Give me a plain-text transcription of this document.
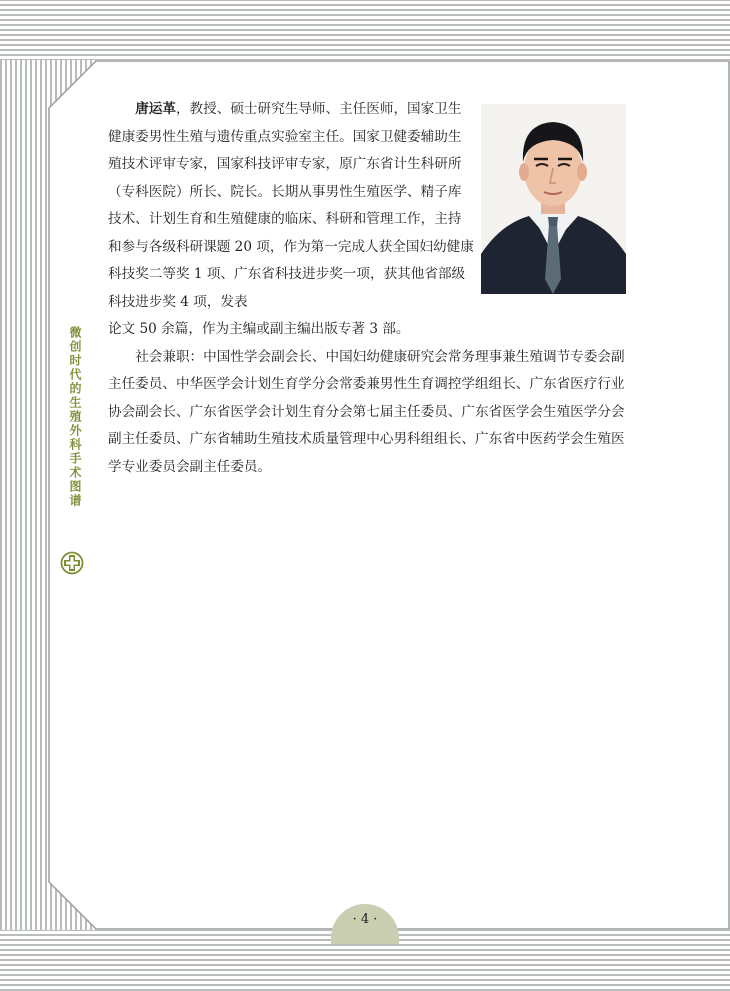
唐运革，教授、硕士研究生导师、主任医师，国家卫生健康委男性生殖与遗传重点实验室主任。国家卫健委辅助生殖技术评审专家，国家科技评审专家，原广东省计生科研所（专科医院）所长、院长。长期从事男性生殖医学、精子库技术、计划生育和生殖健康的临床、科研和管理工作，主持和参与各级科研课题 20 项，作为第一完成人获全国妇幼健康科技奖二等奖 1 项、广东省科技进步奖一项，获其他省部级科技进步奖 4 项，发表

论文 50 余篇，作为主编或副主编出版专著 3 部。

社会兼职：中国性学会副会长、中国妇幼健康研究会常务理事兼生殖调节专委会副主任委员、中华医学会计划生育学分会常委兼男性生育调控学组组长、广东省医疗行业协会副会长、广东省医学会计划生育分会第七届主任委员、广东省医学会生殖医学分会副主任委员、广东省辅助生殖技术质量管理中心男科组组长、广东省中医药学会生殖医学专业委员会副主任委员。

微创时代的生殖外科手术图谱
· 4 ·
